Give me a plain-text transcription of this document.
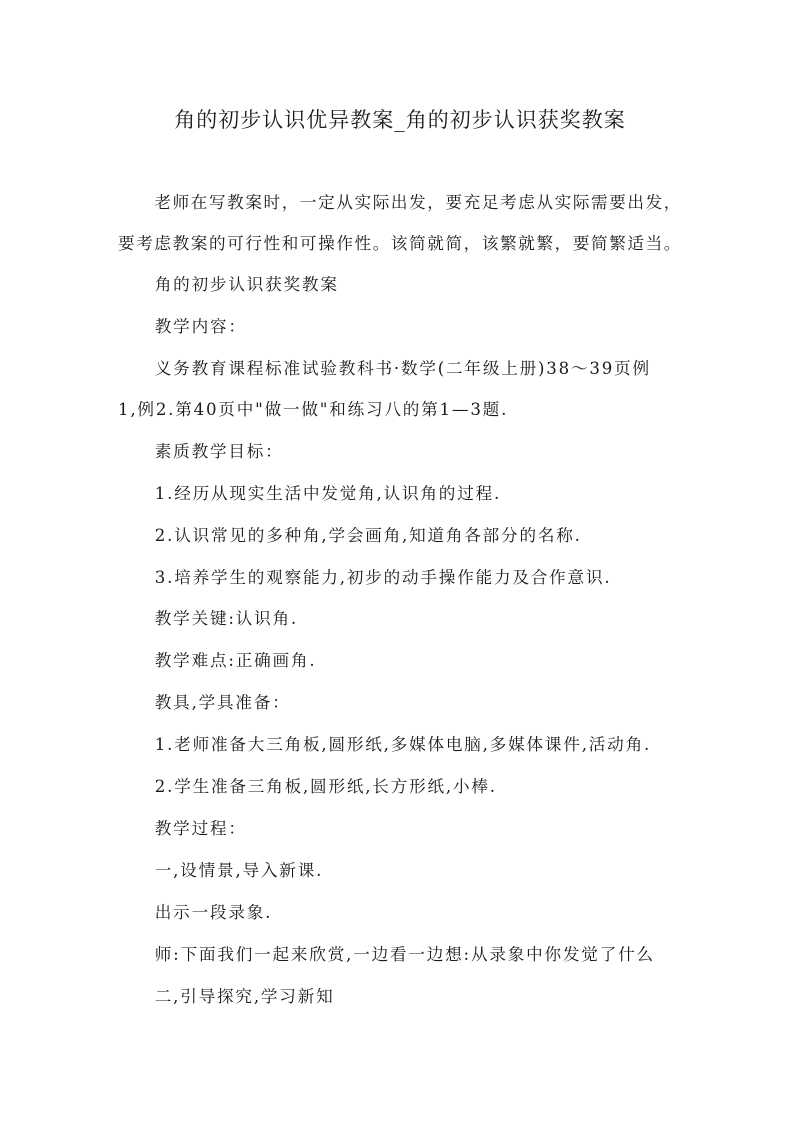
角的初步认识优异教案_角的初步认识获奖教案
　　老师在写教案时，一定从实际出发，要充足考虑从实际需要出发，
要考虑教案的可行性和可操作性。该简就简，该繁就繁，要简繁适当。
　　角的初步认识获奖教案
　　教学内容：
　　义务教育课程标准试验教科书·数学(二年级上册)38～39页例
1,例2.第40页中"做一做"和练习八的第1—3题.
　　素质教学目标：
　　1.经历从现实生活中发觉角,认识角的过程.
　　2.认识常见的多种角,学会画角,知道角各部分的名称.
　　3.培养学生的观察能力,初步的动手操作能力及合作意识.
　　教学关键:认识角.
　　教学难点:正确画角.
　　教具,学具准备：
　　1.老师准备大三角板,圆形纸,多媒体电脑,多媒体课件,活动角.
　　2.学生准备三角板,圆形纸,长方形纸,小棒.
　　教学过程：
　　一,设情景,导入新课.
　　出示一段录象.
　　师:下面我们一起来欣赏,一边看一边想:从录象中你发觉了什么
　　二,引导探究,学习新知
